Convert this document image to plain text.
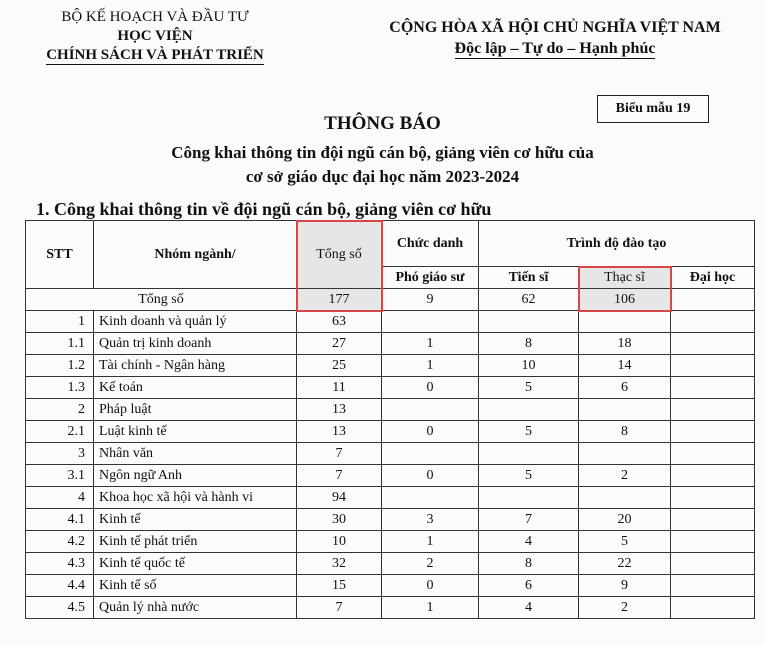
BỘ KẾ HOẠCH VÀ ĐẦU TƯ
HỌC VIỆN
CHÍNH SÁCH VÀ PHÁT TRIỂN
CỘNG HÒA XÃ HỘI CHỦ NGHĨA VIỆT NAM
Độc lập – Tự do – Hạnh phúc
Biểu mẫu 19
THÔNG BÁO
Công khai thông tin đội ngũ cán bộ, giảng viên cơ hữu của
cơ sở giáo dục đại học năm 2023-2024
1. Công khai thông tin về đội ngũ cán bộ, giảng viên cơ hữu
STT	Nhóm ngành/	Tổng số	Chức danh	Trình độ đào tạo		
			Phó giáo sư	Tiến sĩ	Thạc sĩ	Đại học
Tổng số		177	9	62	106	
1	Kinh doanh và quản lý	63				
1.1	Quản trị kinh doanh	27	1	8	18	
1.2	Tài chính - Ngân hàng	25	1	10	14	
1.3	Kế toán	11	0	5	6	
2	Pháp luật	13				
2.1	Luật kinh tế	13	0	5	8	
3	Nhân văn	7				
3.1	Ngôn ngữ Anh	7	0	5	2	
4	Khoa học xã hội và hành vi	94				
4.1	Kinh tế	30	3	7	20	
4.2	Kinh tế phát triển	10	1	4	5	
4.3	Kinh tế quốc tế	32	2	8	22	
4.4	Kinh tế số	15	0	6	9	
4.5	Quản lý nhà nước	7	1	4	2	
